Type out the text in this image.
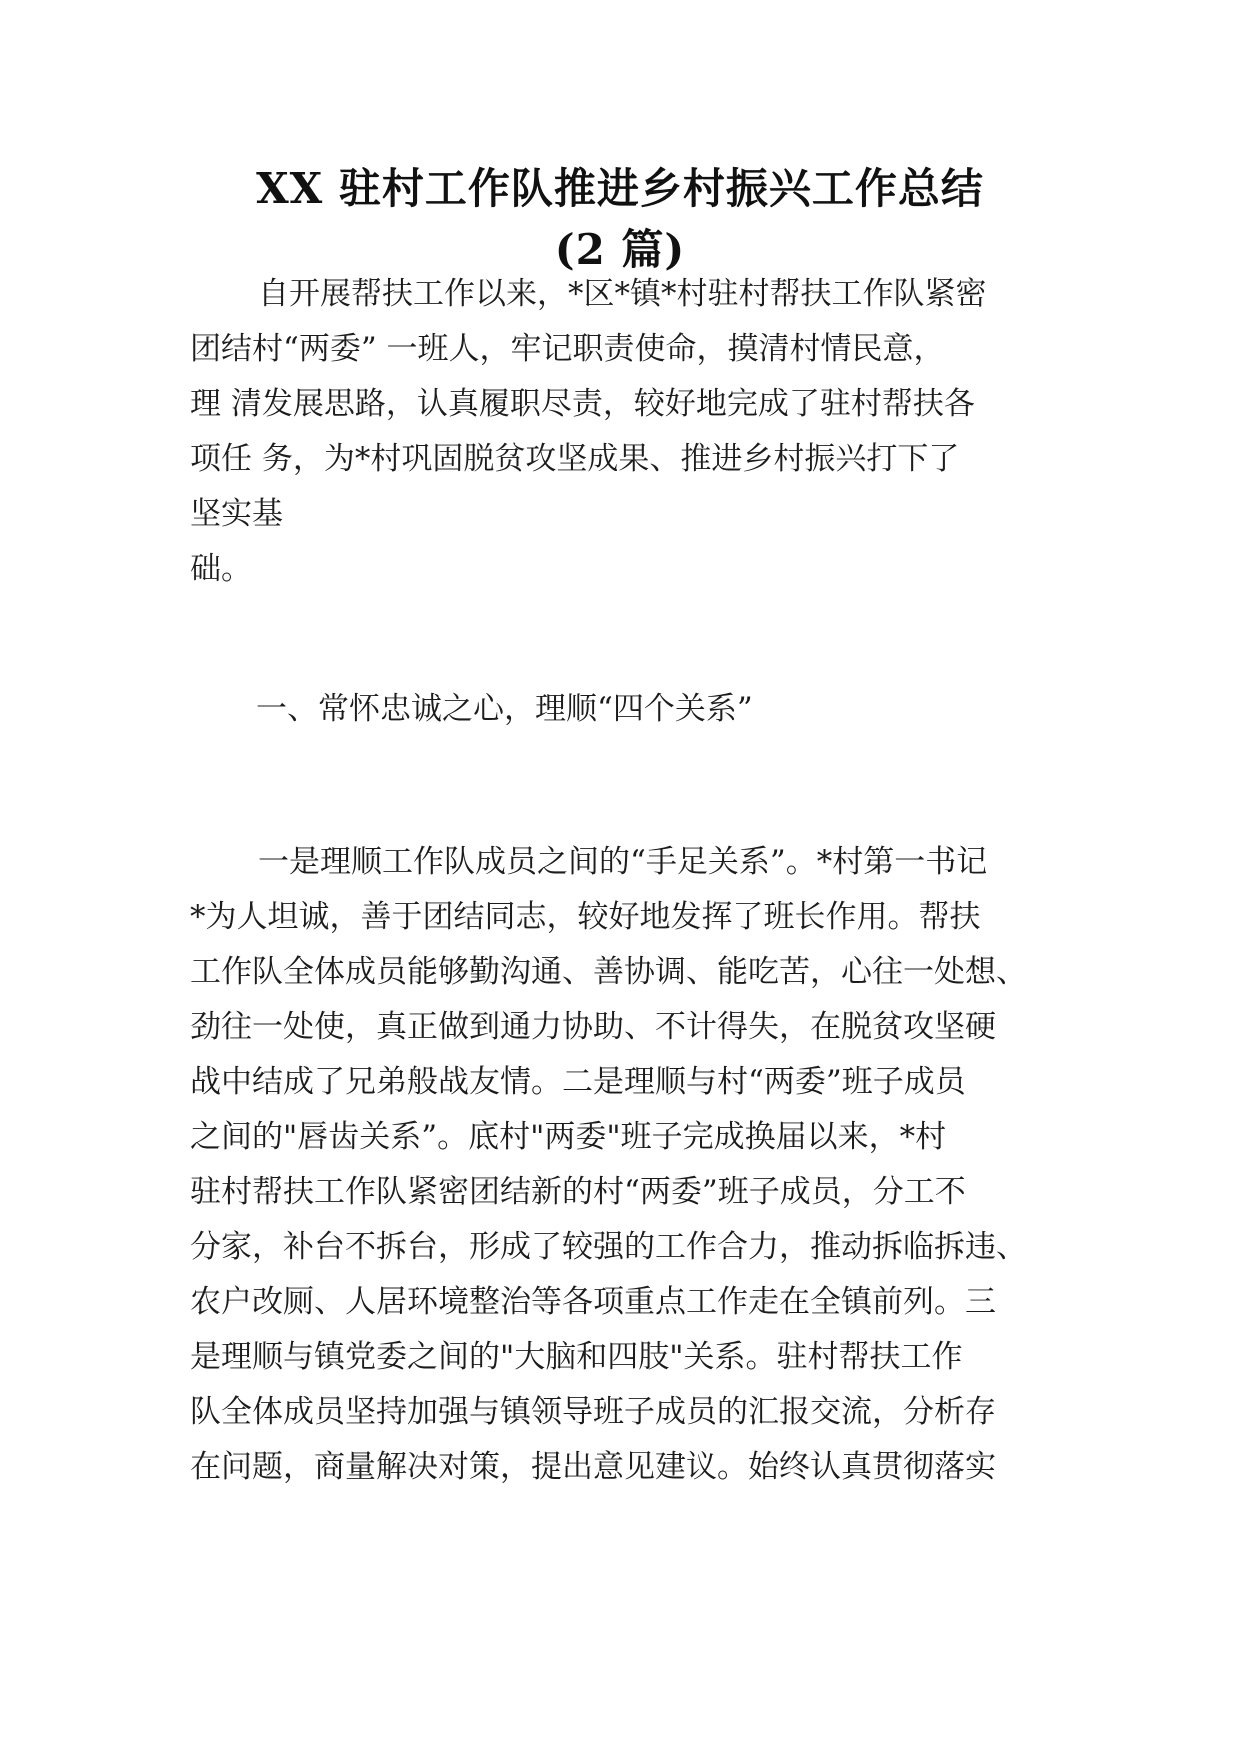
XX 驻村工作队推进乡村振兴工作总结
(2 篇)
自开展帮扶工作以来，*区*镇*村驻村帮扶工作队紧密
团结村“两委” 一班人，牢记职责使命，摸清村情民意，
理 清发展思路，认真履职尽责，较好地完成了驻村帮扶各
项任 务，为*村巩固脱贫攻坚成果、推进乡村振兴打下了
坚实基
础。
一、常怀忠诚之心，理顺“四个关系”
一是理顺工作队成员之间的“手足关系”。*村第一书记
*为人坦诚，善于团结同志，较好地发挥了班长作用。帮扶
工作队全体成员能够勤沟通、善协调、能吃苦，心往一处想、
劲往一处使，真正做到通力协助、不计得失，在脱贫攻坚硬
战中结成了兄弟般战友情。二是理顺与村“两委”班子成员
之间的"唇齿关系”。底村"两委"班子完成换届以来，*村
驻村帮扶工作队紧密团结新的村“两委”班子成员，分工不
分家，补台不拆台，形成了较强的工作合力，推动拆临拆违、
农户改厕、人居环境整治等各项重点工作走在全镇前列。三
是理顺与镇党委之间的"大脑和四肢"关系。驻村帮扶工作
队全体成员坚持加强与镇领导班子成员的汇报交流，分析存
在问题，商量解决对策，提出意见建议。始终认真贯彻落实
